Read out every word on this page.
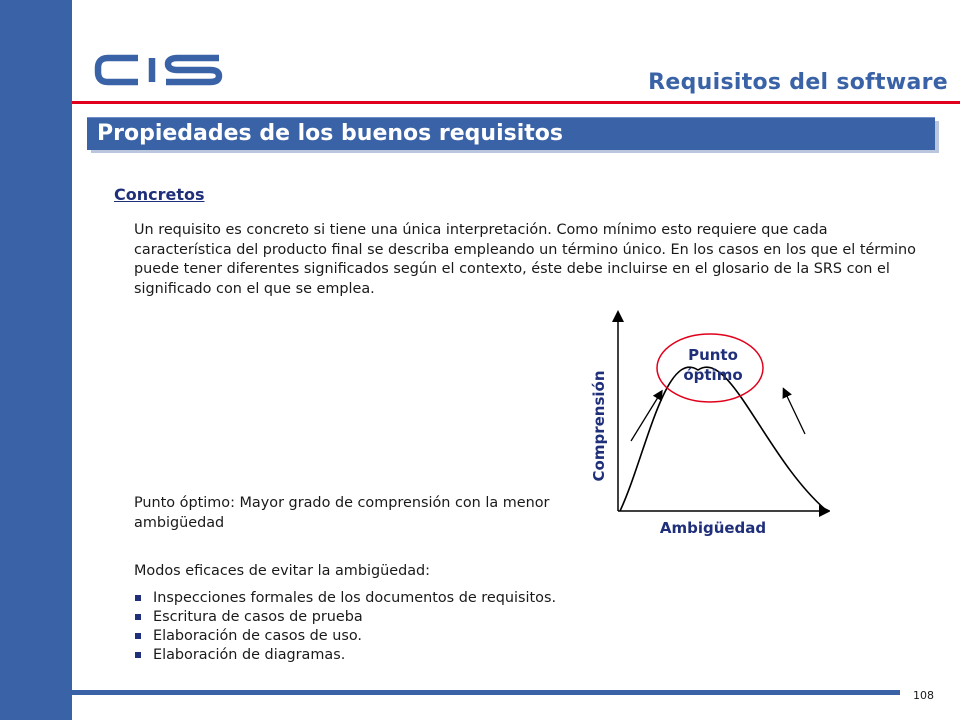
Requisitos del software
Propiedades de los buenos requisitos
Concretos
Un requisito es concreto si tiene una única interpretación. Como mínimo esto requiere que cada característica del producto final se describa empleando un término único. En los casos en los que el término puede tener diferentes significados según el contexto, éste debe incluirse en el glosario de la SRS con el significado con el que se emplea.
Punto
óptimo
Comprensión
Ambigüedad
Punto óptimo: Mayor grado de comprensión con la menor ambigüedad
Modos eficaces de evitar la ambigüedad:
Inspecciones formales de los documentos de requisitos.
Escritura de casos de prueba
Elaboración de casos de uso.
Elaboración de diagramas.
108
